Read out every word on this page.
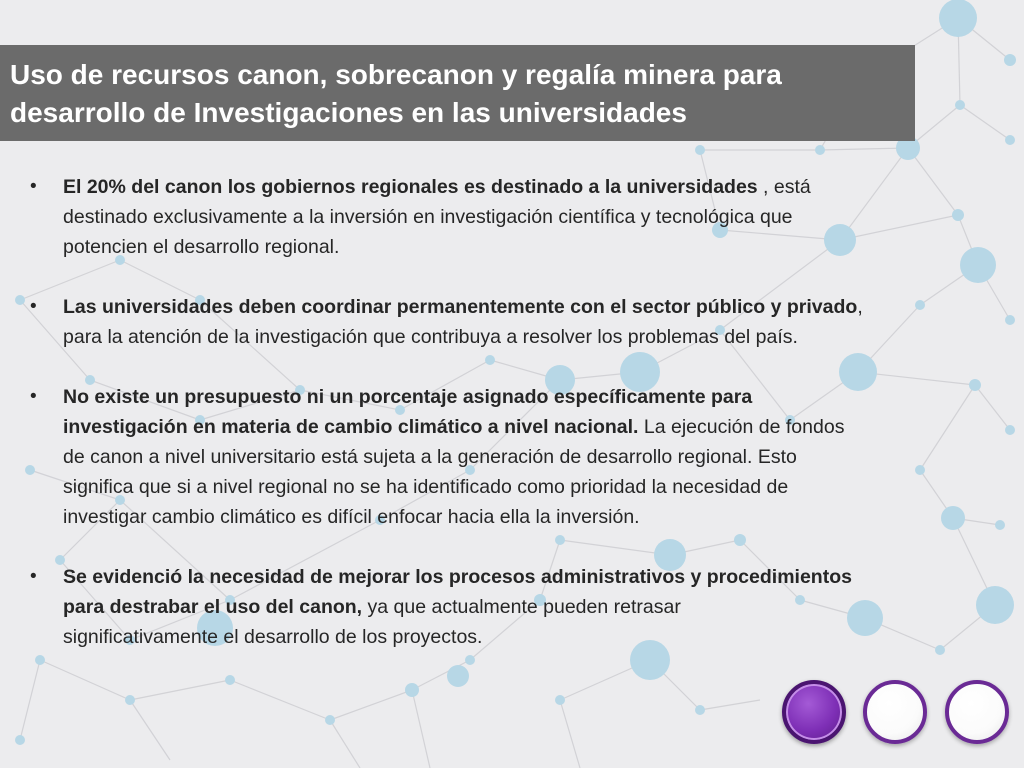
Uso de recursos canon, sobrecanon y regalía minera para
desarrollo de Investigaciones en las universidades
• El 20% del canon los gobiernos regionales es destinado a la universidades , está
destinado exclusivamente a la inversión en investigación científica y tecnológica que
potencien el desarrollo regional.
• Las universidades deben coordinar permanentemente con el sector público y privado,
para la atención de la investigación que contribuya a resolver los problemas del país.
• No existe un presupuesto ni un porcentaje asignado específicamente para
investigación en materia de cambio climático a nivel nacional. La ejecución de fondos
de canon a nivel universitario está sujeta a la generación de desarrollo regional. Esto
significa que si a nivel regional no se ha identificado como prioridad la necesidad de
investigar cambio climático es difícil enfocar hacia ella la inversión.
• Se evidenció la necesidad de mejorar los procesos administrativos y procedimientos
para destrabar el uso del canon, ya que actualmente pueden retrasar
significativamente el desarrollo de los proyectos.
